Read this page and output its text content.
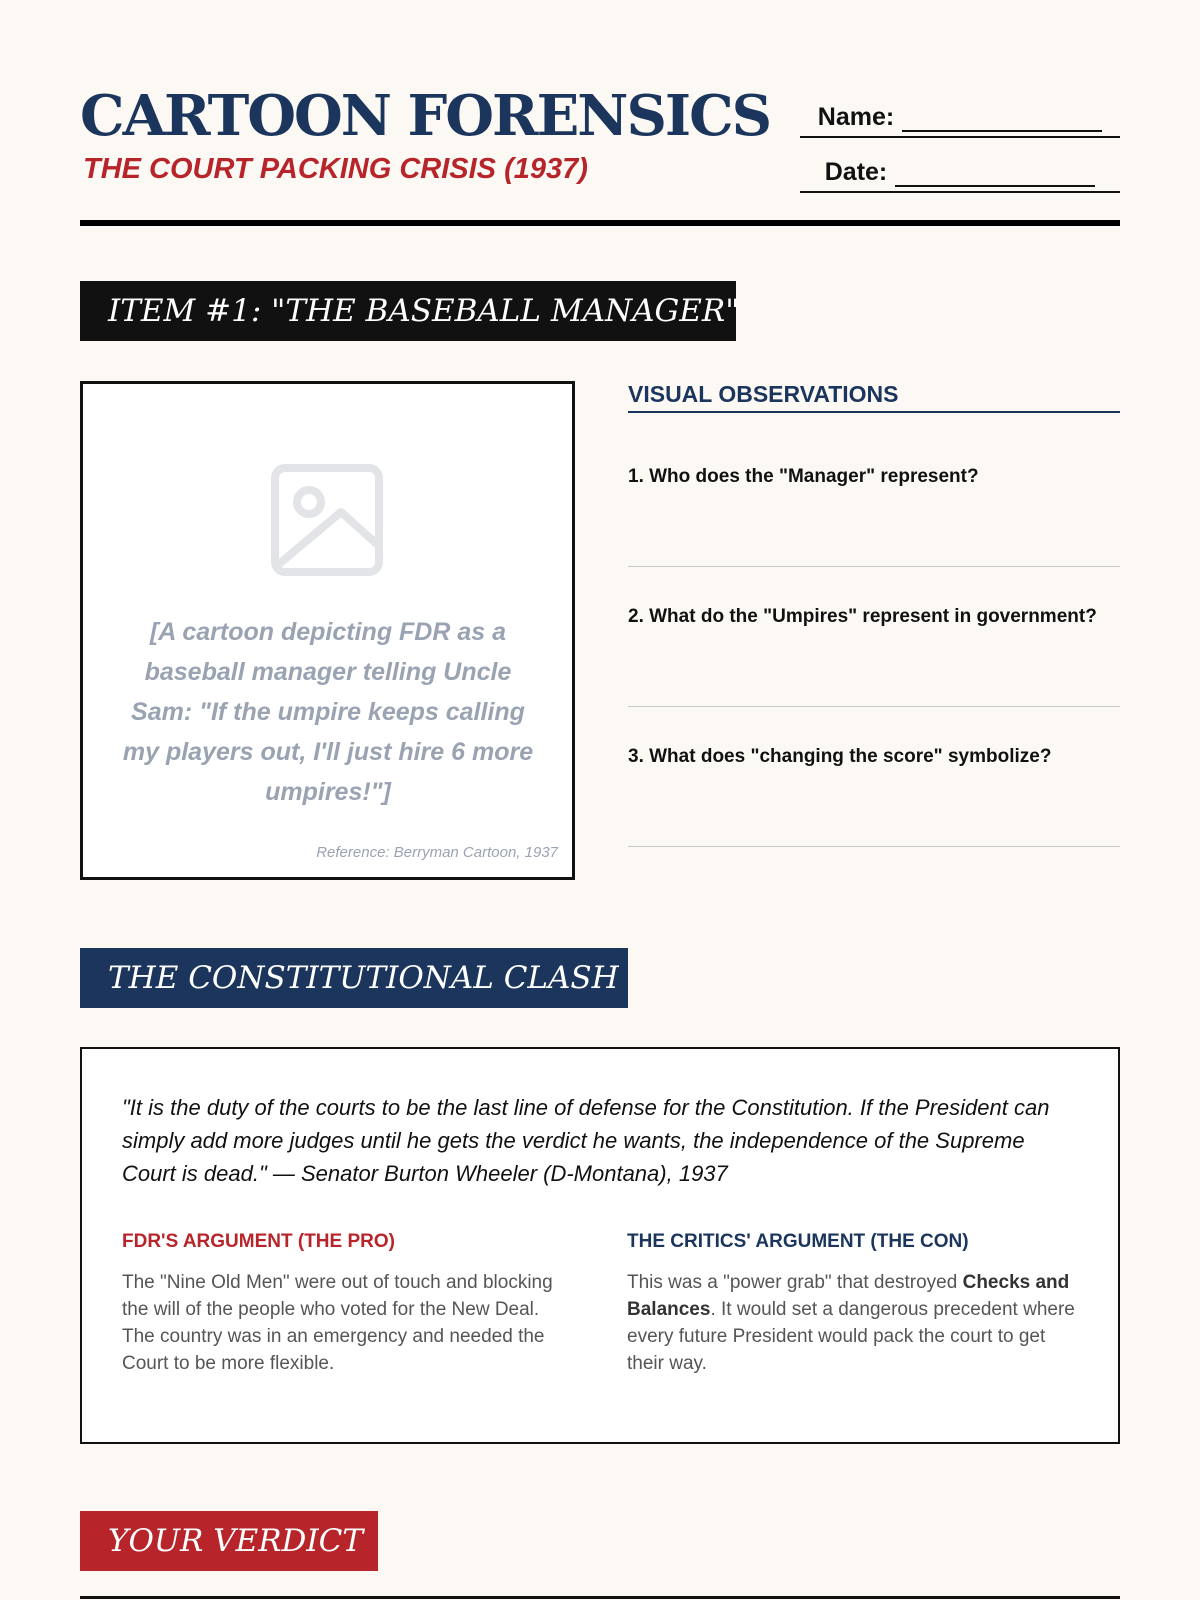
CARTOON FORENSICS
THE COURT PACKING CRISIS (1937)
Name:
Date:
ITEM #1: "THE BASEBALL MANAGER"
[A cartoon depicting FDR as a baseball manager telling Uncle Sam: "If the umpire keeps calling my players out, I'll just hire 6 more umpires!"]
Reference: Berryman Cartoon, 1937
VISUAL OBSERVATIONS
1. Who does the "Manager" represent?
2. What do the "Umpires" represent in government?
3. What does "changing the score" symbolize?
THE CONSTITUTIONAL CLASH
"It is the duty of the courts to be the last line of defense for the Constitution. If the President can simply add more judges until he gets the verdict he wants, the independence of the Supreme Court is dead." — Senator Burton Wheeler (D-Montana), 1937
FDR'S ARGUMENT (THE PRO)
The "Nine Old Men" were out of touch and blocking the will of the people who voted for the New Deal. The country was in an emergency and needed the Court to be more flexible.
THE CRITICS' ARGUMENT (THE CON)
This was a "power grab" that destroyed Checks and Balances. It would set a dangerous precedent where every future President would pack the court to get their way.
YOUR VERDICT
